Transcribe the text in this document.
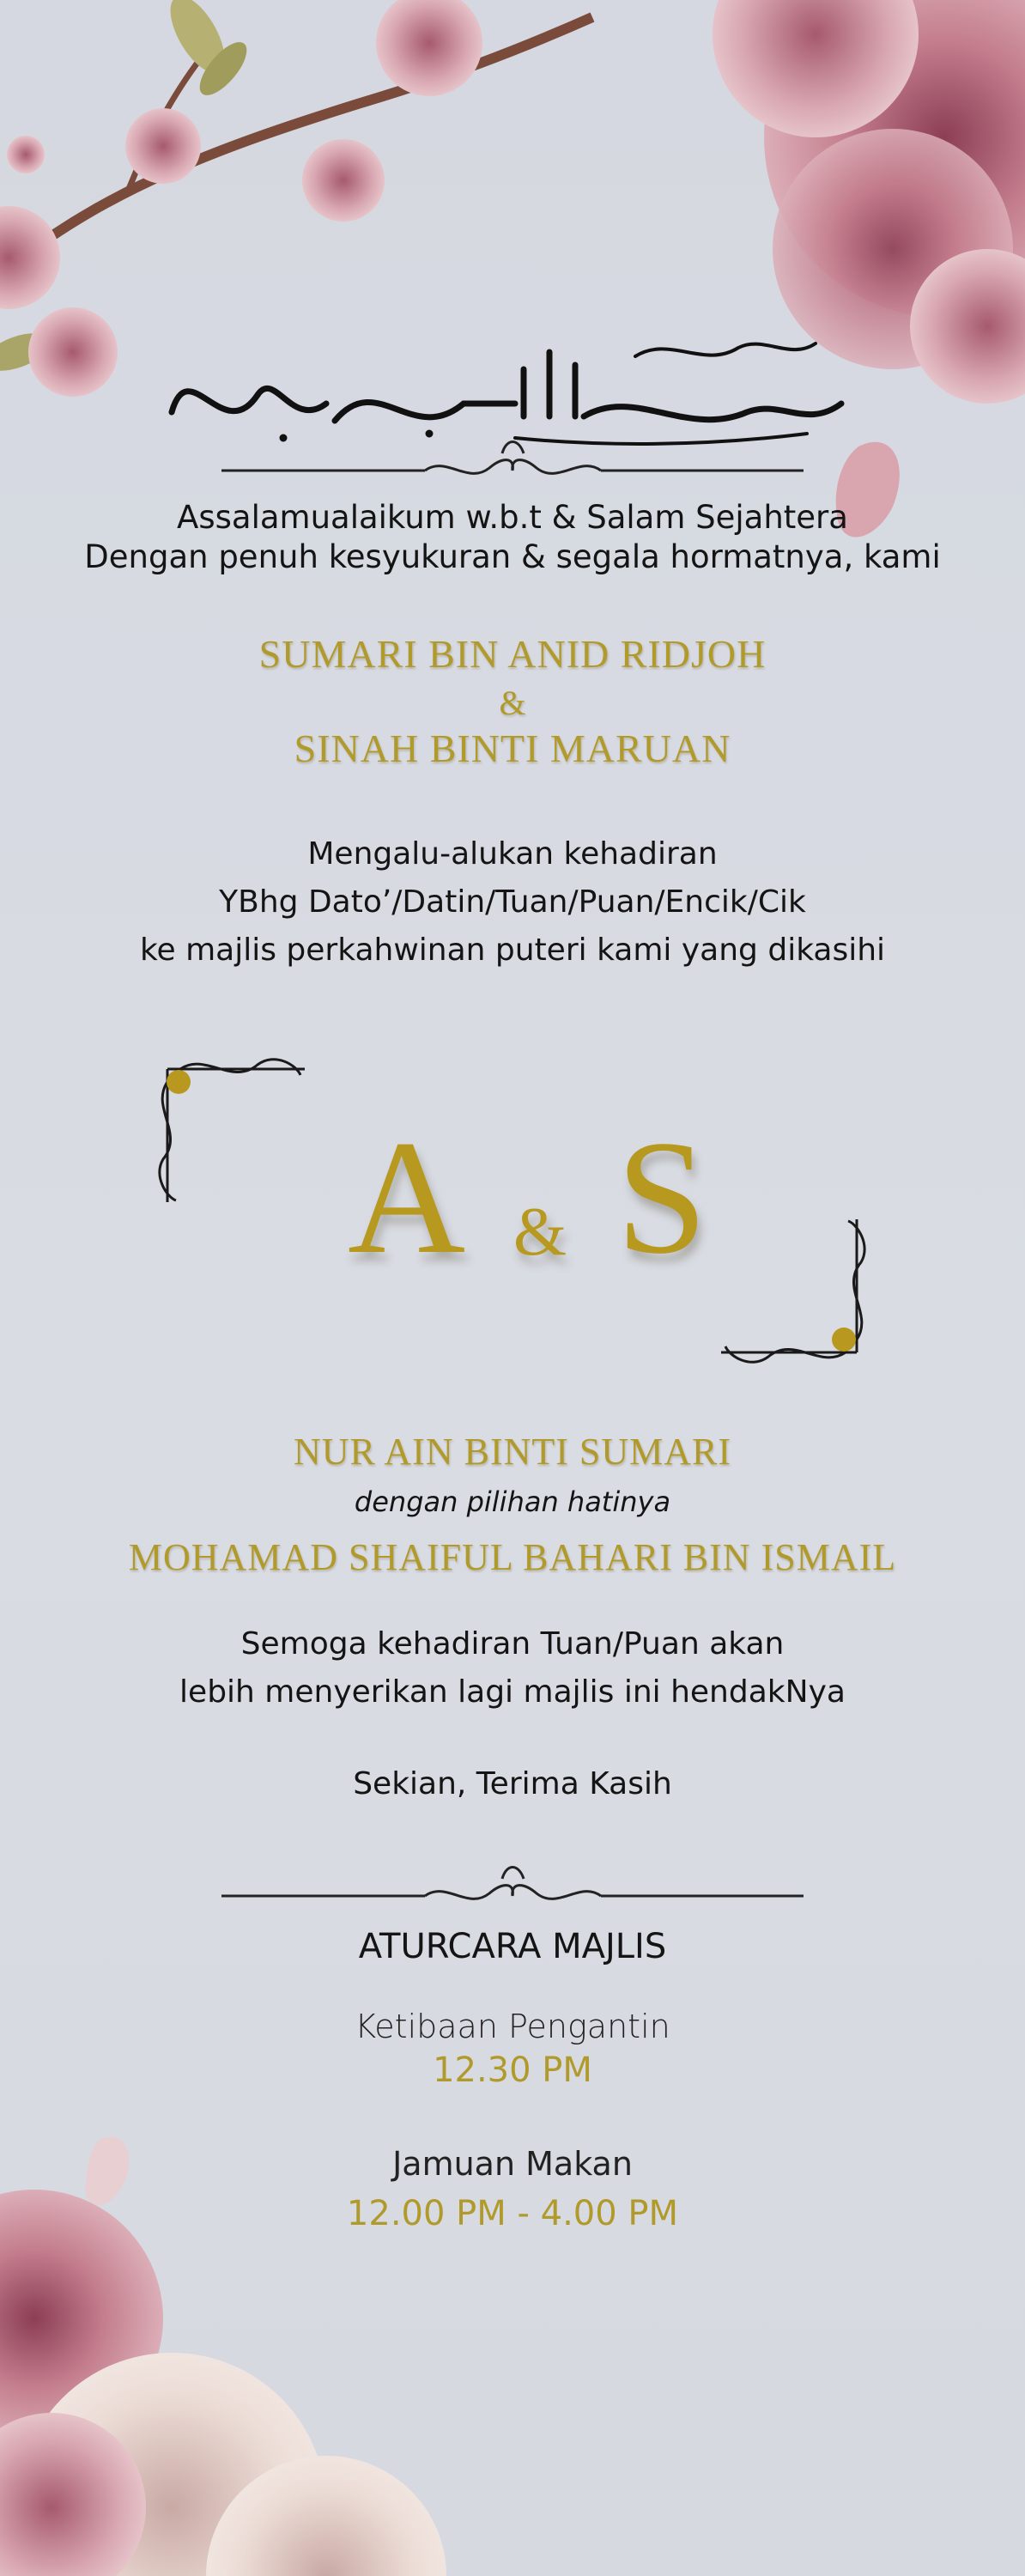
Assalamualaikum w.b.t & Salam Sejahtera
Dengan penuh kesyukuran & segala hormatnya, kami
SUMARI BIN ANID RIDJOH
&
SINAH BINTI MARUAN
Mengalu-alukan kehadiran
YBhg Dato’/Datin/Tuan/Puan/Encik/Cik
ke majlis perkahwinan puteri kami yang dikasihi
A & S
NUR AIN BINTI SUMARI
dengan pilihan hatinya
MOHAMAD SHAIFUL BAHARI BIN ISMAIL
Semoga kehadiran Tuan/Puan akan
lebih menyerikan lagi majlis ini hendakNya
Sekian, Terima Kasih
ATURCARA MAJLIS
Ketibaan Pengantin
12.30 PM
Jamuan Makan
12.00 PM - 4.00 PM
